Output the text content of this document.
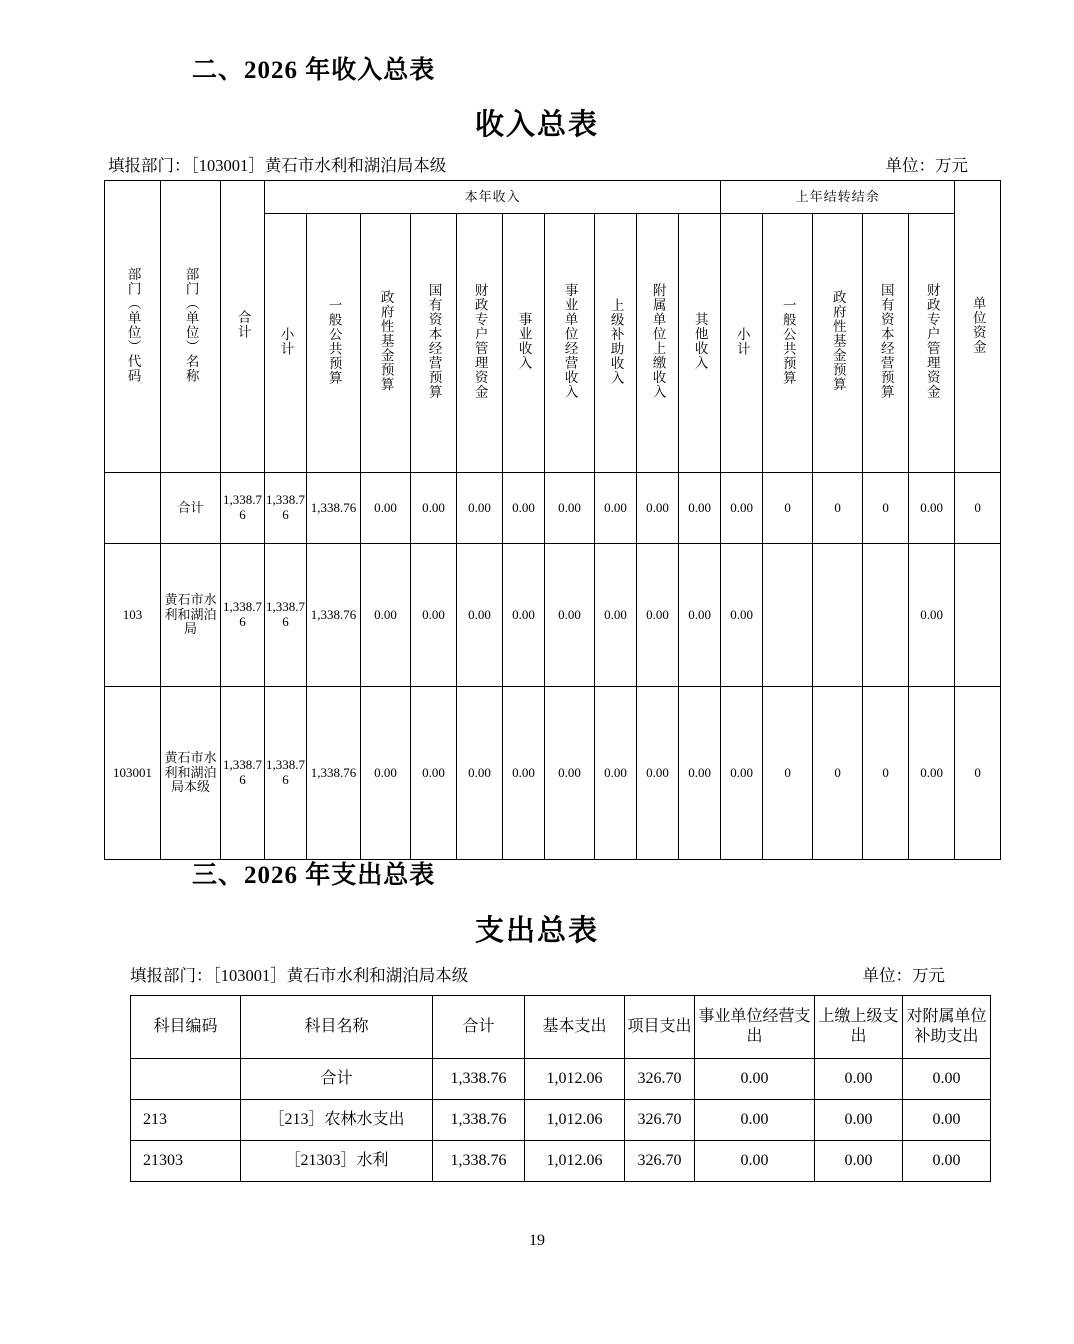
二、2026 年收入总表
收入总表
填报部门：［103001］黄石市水利和湖泊局本级	单位：万元
部门（单位）代码	部门（单位）名称	合计	本年收入										上年结转结余					单位资金
			小计	一般公共预算	政府性基金预算	国有资本经营预算	财政专户管理资金	事业收入	事业单位经营收入	上级补助收入	附属单位上缴收入	其他收入	小计	一般公共预算	政府性基金预算	国有资本经营预算	财政专户管理资金	
	合计	1,338.76	1,338.76	1,338.76	0.00	0.00	0.00	0.00	0.00	0.00	0.00	0.00	0.00	0	0	0	0.00	0
103	黄石市水利和湖泊局	1,338.76	1,338.76	1,338.76	0.00	0.00	0.00	0.00	0.00	0.00	0.00	0.00	0.00				0.00	
103001	黄石市水利和湖泊局本级	1,338.76	1,338.76	1,338.76	0.00	0.00	0.00	0.00	0.00	0.00	0.00	0.00	0.00	0	0	0	0.00	0
三、2026 年支出总表
支出总表
填报部门：［103001］黄石市水利和湖泊局本级	单位：万元
科目编码	科目名称	合计	基本支出	项目支出	事业单位经营支出	上缴上级支出	对附属单位补助支出
	合计	1,338.76	1,012.06	326.70	0.00	0.00	0.00
213	［213］农林水支出	1,338.76	1,012.06	326.70	0.00	0.00	0.00
21303	［21303］水利	1,338.76	1,012.06	326.70	0.00	0.00	0.00
19
